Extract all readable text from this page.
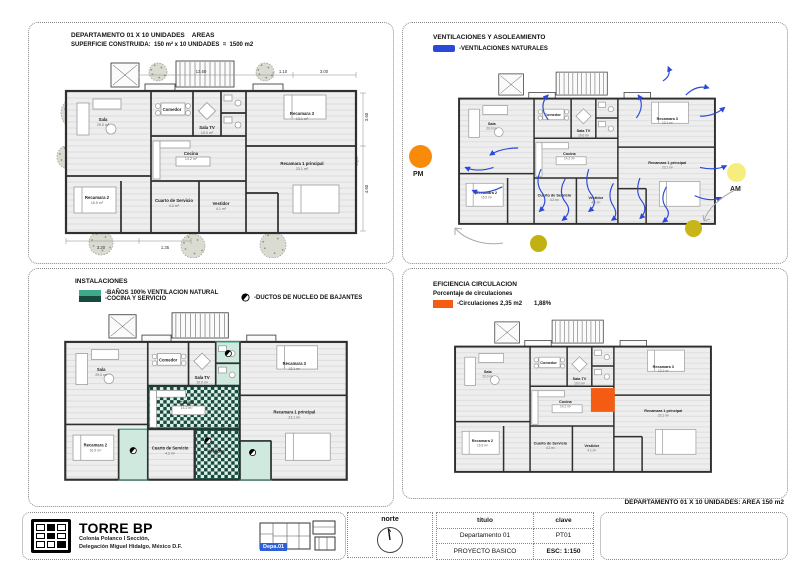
DEPARTAMENTO 01 X 10 UNIDADES    AREAS
SUPERFICIE CONSTRUIDA:  150 m² x 10 UNIDADES  =  1500 m2
Sala
29.0 m²
Comedor
Sala TV
10.0 m²
Recamara 3
13.1 m²
Recamara 1 principal
23.1 m²
Recamara 2
16.5 m²
Cocina
14.2 m²
Cuarto de Servicio
4.2 m²	Vestidor
4.1 m²
13.50	1.10	3.00
3.60
4.60
3.20	1.35
VENTILACIONES Y ASOLEAMIENTO
-VENTILACIONES NATURALES
Sala
29.0 m²
Comedor
Sala TV
10.0 m²
Recamara 3
13.1 m²
Recamara 1 principal
23.1 m²
Recamara 2
16.5 m²
Cocina
14.2 m²
Cuarto de Servicio
4.2 m²	Vestidor
4.1 m²
PM
AM
INSTALACIONES
-BAÑOS 100% VENTILACION NATURAL
-COCINA Y SERVICIO	-DUCTOS DE NUCLEO DE BAJANTES
Sala
29.0 m²
Comedor
Sala TV
10.0 m²
Recamara 3
13.1 m²
Recamara 1 principal
23.1 m²
Recamara 2
16.5 m²
Cocina
14.2 m²
Cuarto de Servicio
4.2 m²	Vestidor
4.1 m²
EFICIENCIA CIRCULACION
Porcentaje de circulaciones
-Circulaciones 2,35 m2 1,88%
Sala
29.0 m²
Comedor
Sala TV
10.0 m²
Recamara 3
13.1 m²
Recamara 1 principal
23.1 m²
Recamara 2
16.5 m²
Cocina
14.2 m²
Cuarto de Servicio
4.2 m²	Vestidor
4.1 m²
DEPARTAMENTO 01 X 10 UNIDADES: AREA 150 m2
TORRE BP
Colonia Polanco I Sección,
Delegación Miguel Hidalgo, México D.F.	Depa.01
norte	título	clave
Departamento 01	PT01
PROYECTO BASICO	ESC: 1:150
